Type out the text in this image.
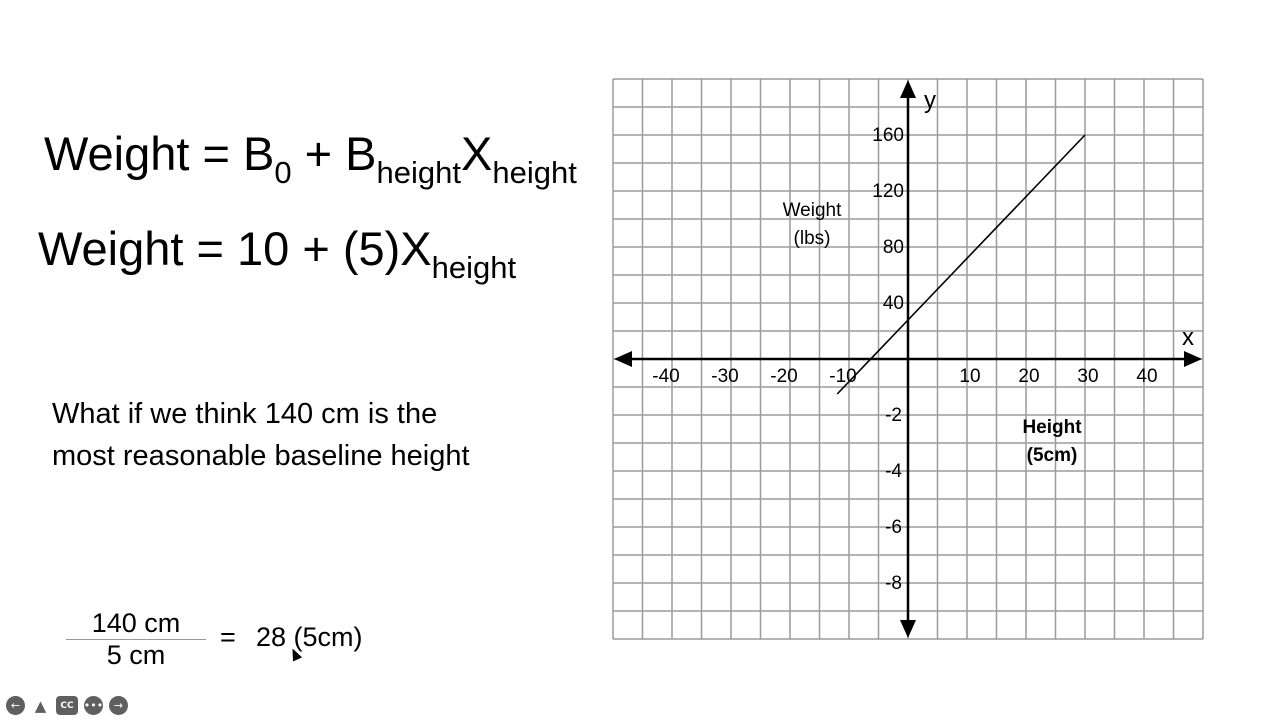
Weight = $B_0 + B_{height}X_{height}$
Weight = $10 + (5)X_{height}$
What if we think 140 cm is the
most reasonable baseline height
$\frac{140 cm}{5 cm} = 28$ (5cm)
-40 -30 -20 -10	10 20 30 40
160
120
80
40
-2
-4
-6
-8
x
y
Weight
(lbs)
Height
(5cm)
← ▲	CC ••• →
